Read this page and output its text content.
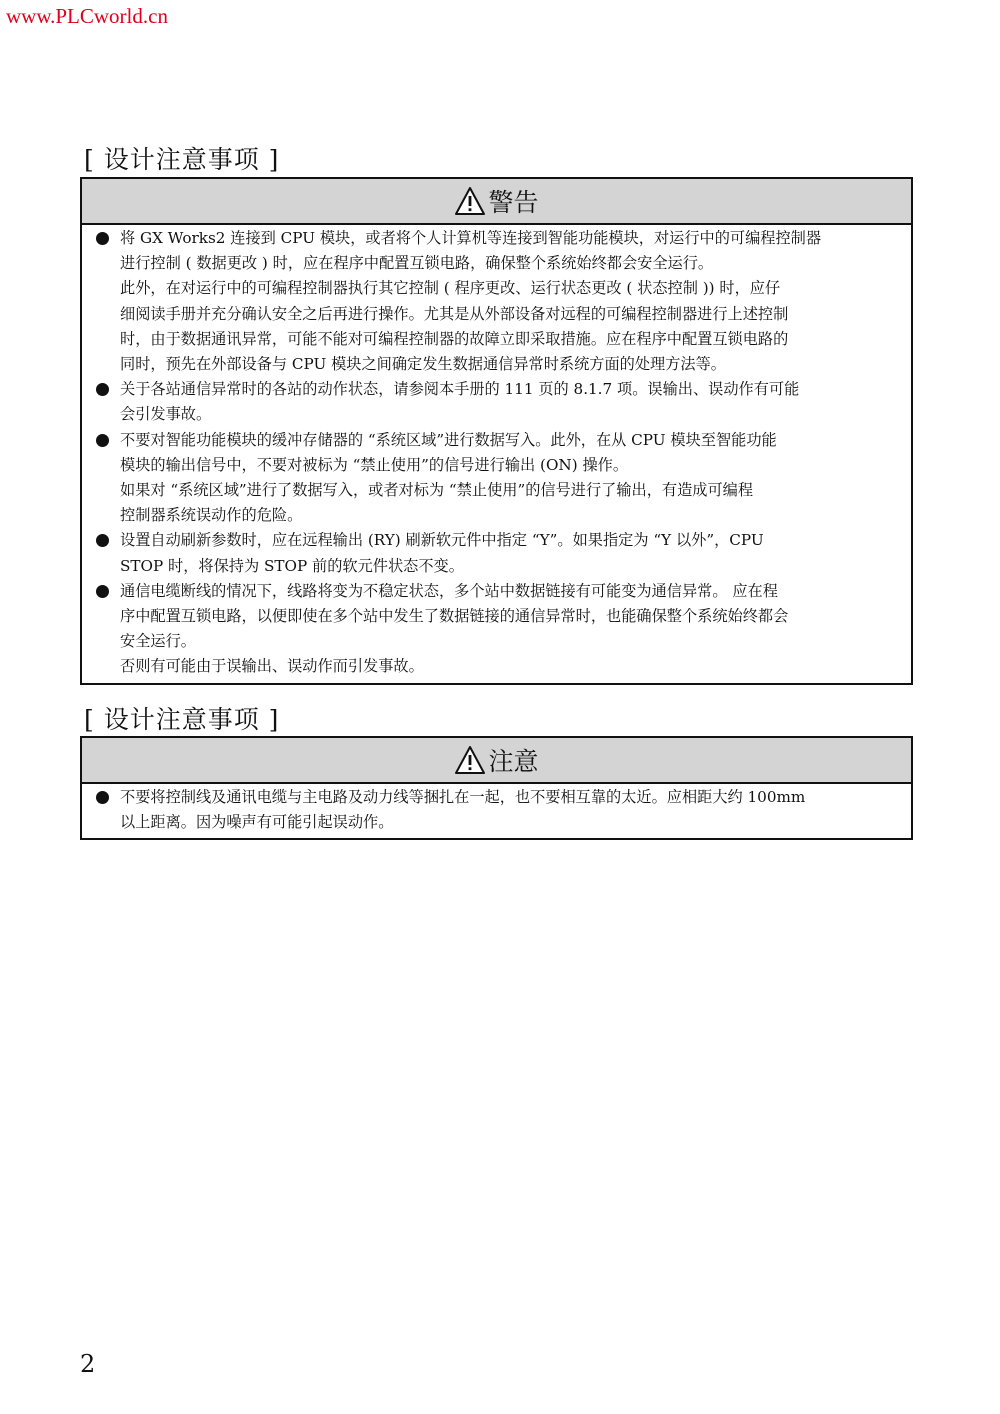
www.PLCworld.cn
[ 设计注意事项 ]
警告
将 GX Works2 连接到 CPU 模块，或者将个人计算机等连接到智能功能模块，对运行中的可编程控制器
进行控制 ( 数据更改 ) 时，应在程序中配置互锁电路，确保整个系统始终都会安全运行。
此外，在对运行中的可编程控制器执行其它控制 ( 程序更改、运行状态更改 ( 状态控制 )) 时，应仔
细阅读手册并充分确认安全之后再进行操作。尤其是从外部设备对远程的可编程控制器进行上述控制
时，由于数据通讯异常，可能不能对可编程控制器的故障立即采取措施。应在程序中配置互锁电路的
同时，预先在外部设备与 CPU 模块之间确定发生数据通信异常时系统方面的处理方法等。
关于各站通信异常时的各站的动作状态，请参阅本手册的 111 页的 8.1.7 项。误输出、误动作有可能
会引发事故。
不要对智能功能模块的缓冲存储器的 “系统区域”进行数据写入。此外，在从 CPU 模块至智能功能
模块的输出信号中，不要对被标为 “禁止使用”的信号进行输出 (ON) 操作。
如果对 “系统区域”进行了数据写入，或者对标为 “禁止使用”的信号进行了输出，有造成可编程
控制器系统误动作的危险。
设置自动刷新参数时，应在远程输出 (RY) 刷新软元件中指定 “Y”。如果指定为 “Y 以外”，CPU
STOP 时，将保持为 STOP 前的软元件状态不变。
通信电缆断线的情况下，线路将变为不稳定状态，多个站中数据链接有可能变为通信异常。 应在程
序中配置互锁电路，以便即使在多个站中发生了数据链接的通信异常时，也能确保整个系统始终都会
安全运行。
否则有可能由于误输出、误动作而引发事故。
[ 设计注意事项 ]
注意
不要将控制线及通讯电缆与主电路及动力线等捆扎在一起，也不要相互靠的太近。应相距大约 100mm
以上距离。因为噪声有可能引起误动作。
2
